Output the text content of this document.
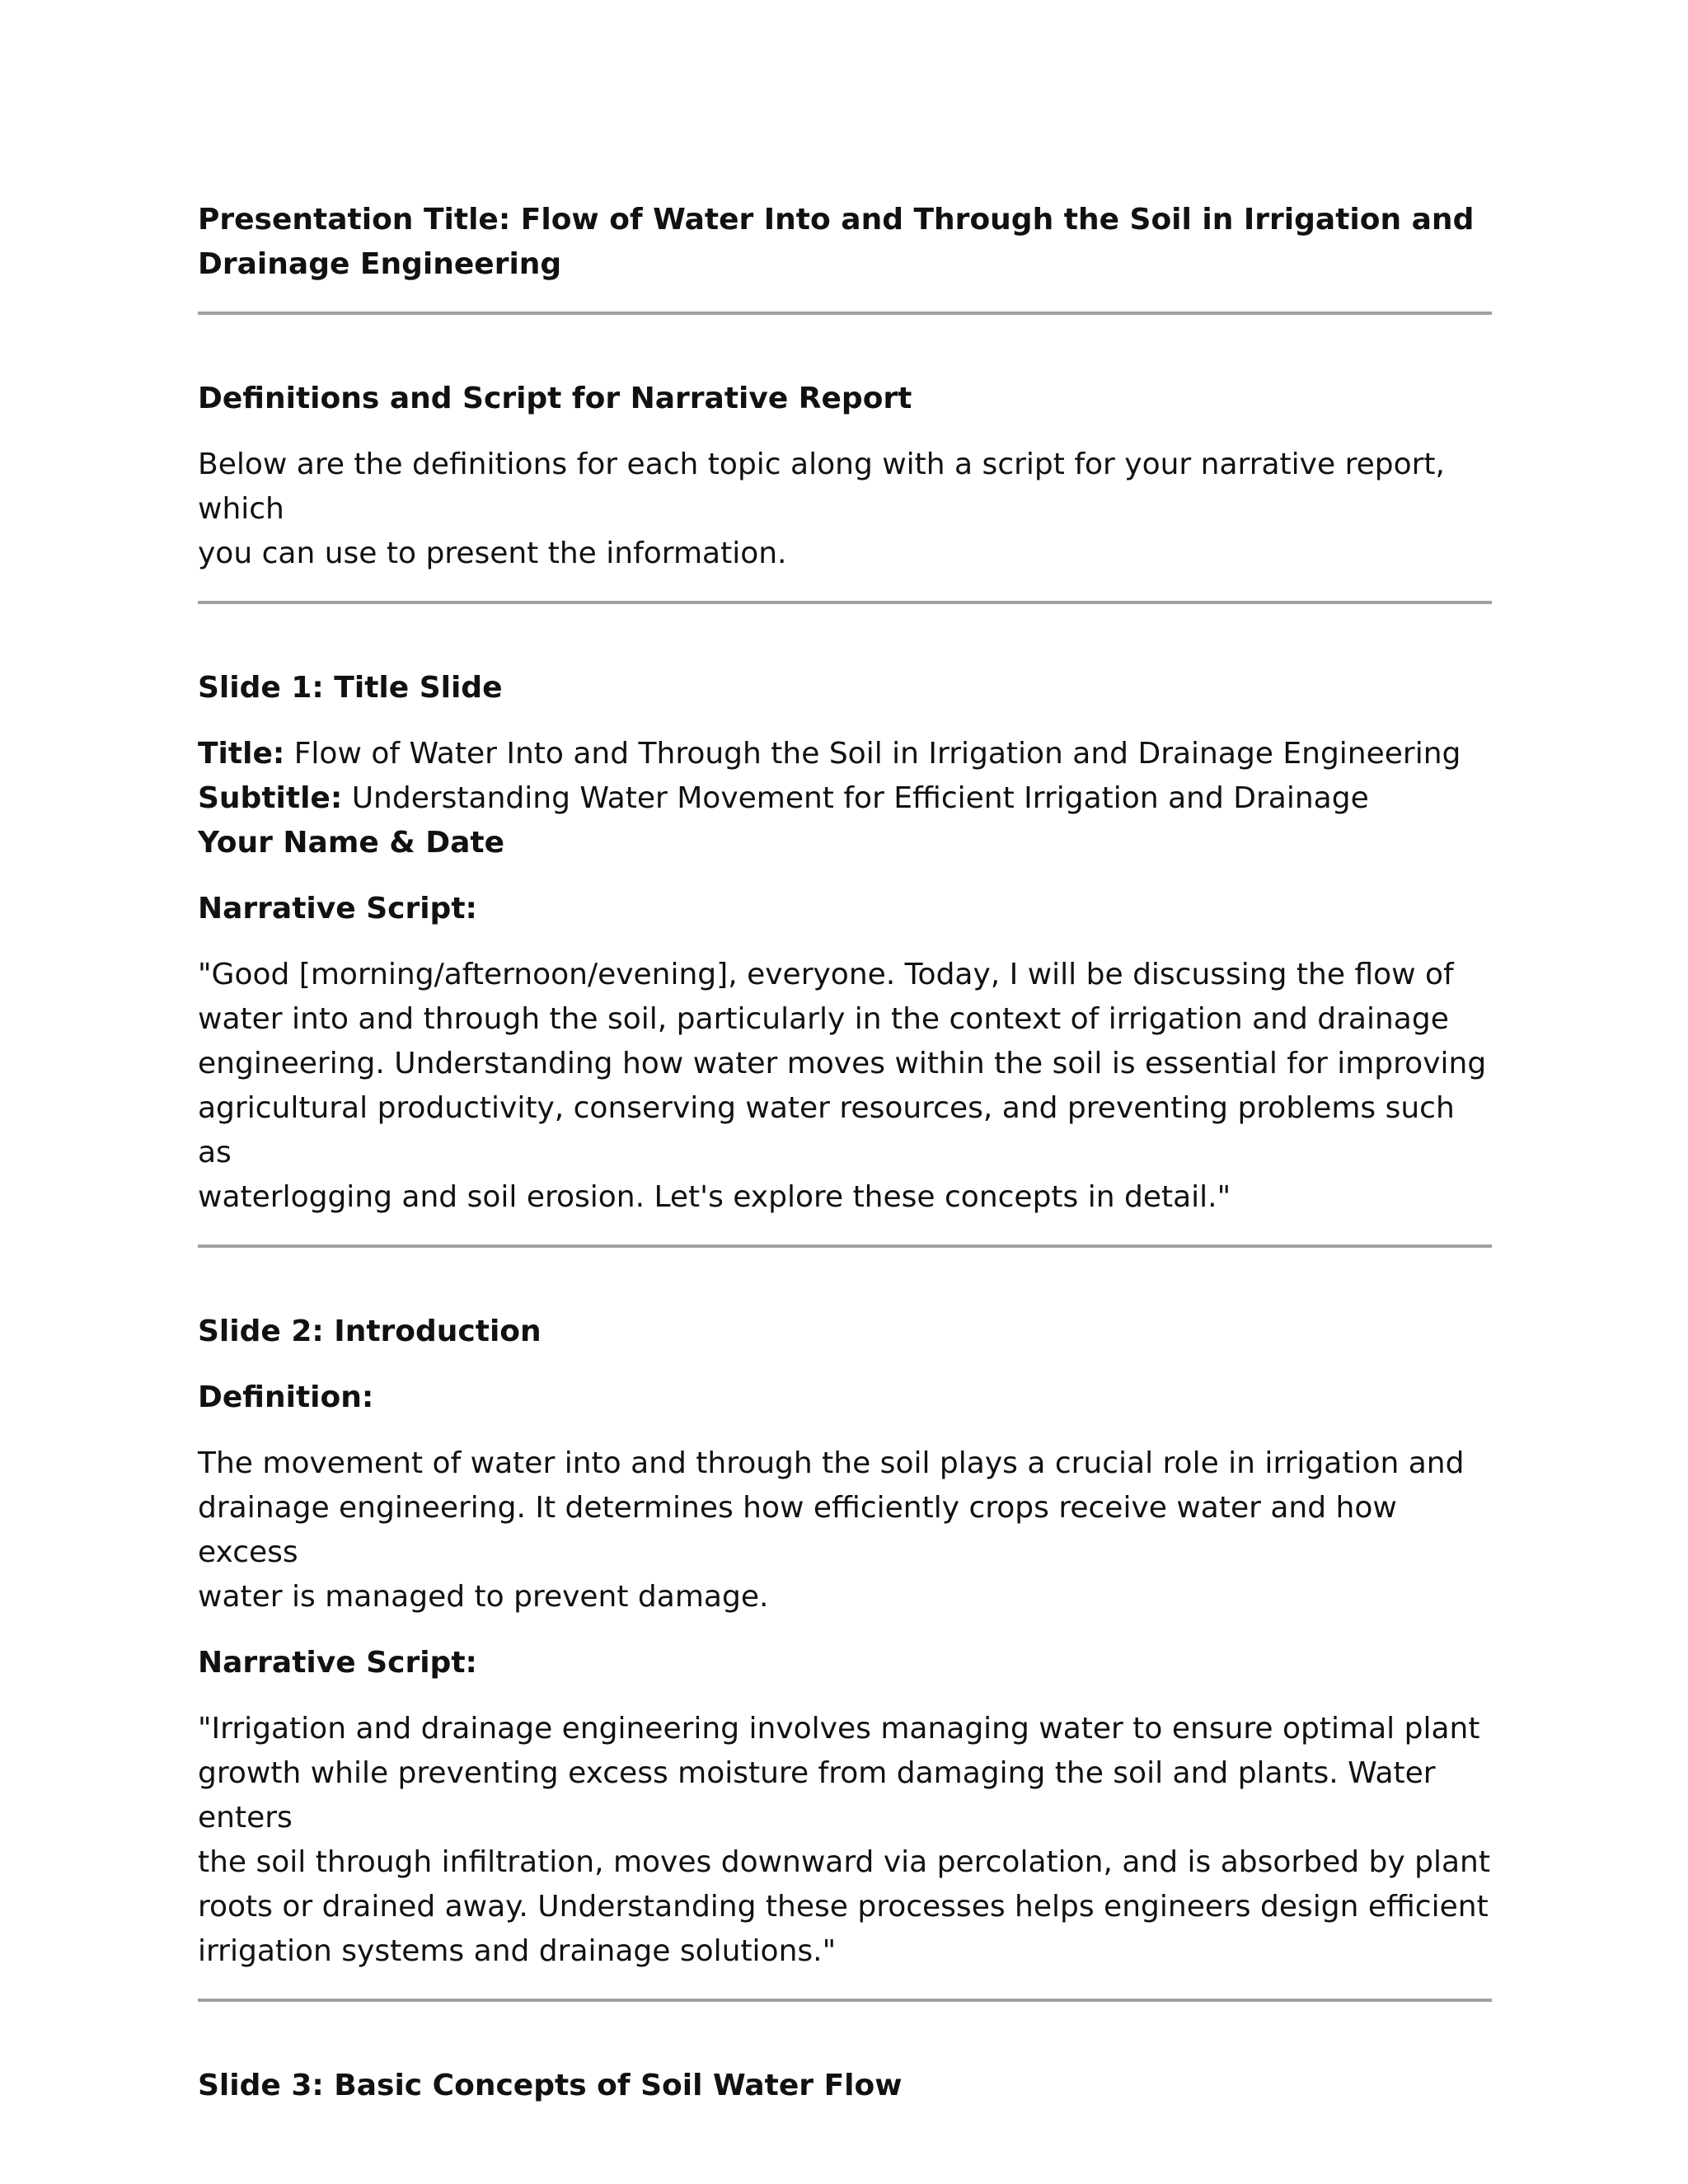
Presentation Title: Flow of Water Into and Through the Soil in Irrigation and

Drainage Engineering

Definitions and Script for Narrative Report

Below are the definitions for each topic along with a script for your narrative report, which

you can use to present the information.

Slide 1: Title Slide

Title: Flow of Water Into and Through the Soil in Irrigation and Drainage Engineering

Subtitle: Understanding Water Movement for Efficient Irrigation and Drainage

Your Name & Date

Narrative Script:

"Good [morning/afternoon/evening], everyone. Today, I will be discussing the flow of

water into and through the soil, particularly in the context of irrigation and drainage

engineering. Understanding how water moves within the soil is essential for improving

agricultural productivity, conserving water resources, and preventing problems such as

waterlogging and soil erosion. Let's explore these concepts in detail."

Slide 2: Introduction

Definition:

The movement of water into and through the soil plays a crucial role in irrigation and

drainage engineering. It determines how efficiently crops receive water and how excess

water is managed to prevent damage.

Narrative Script:

"Irrigation and drainage engineering involves managing water to ensure optimal plant

growth while preventing excess moisture from damaging the soil and plants. Water enters

the soil through infiltration, moves downward via percolation, and is absorbed by plant

roots or drained away. Understanding these processes helps engineers design efficient

irrigation systems and drainage solutions."

Slide 3: Basic Concepts of Soil Water Flow
